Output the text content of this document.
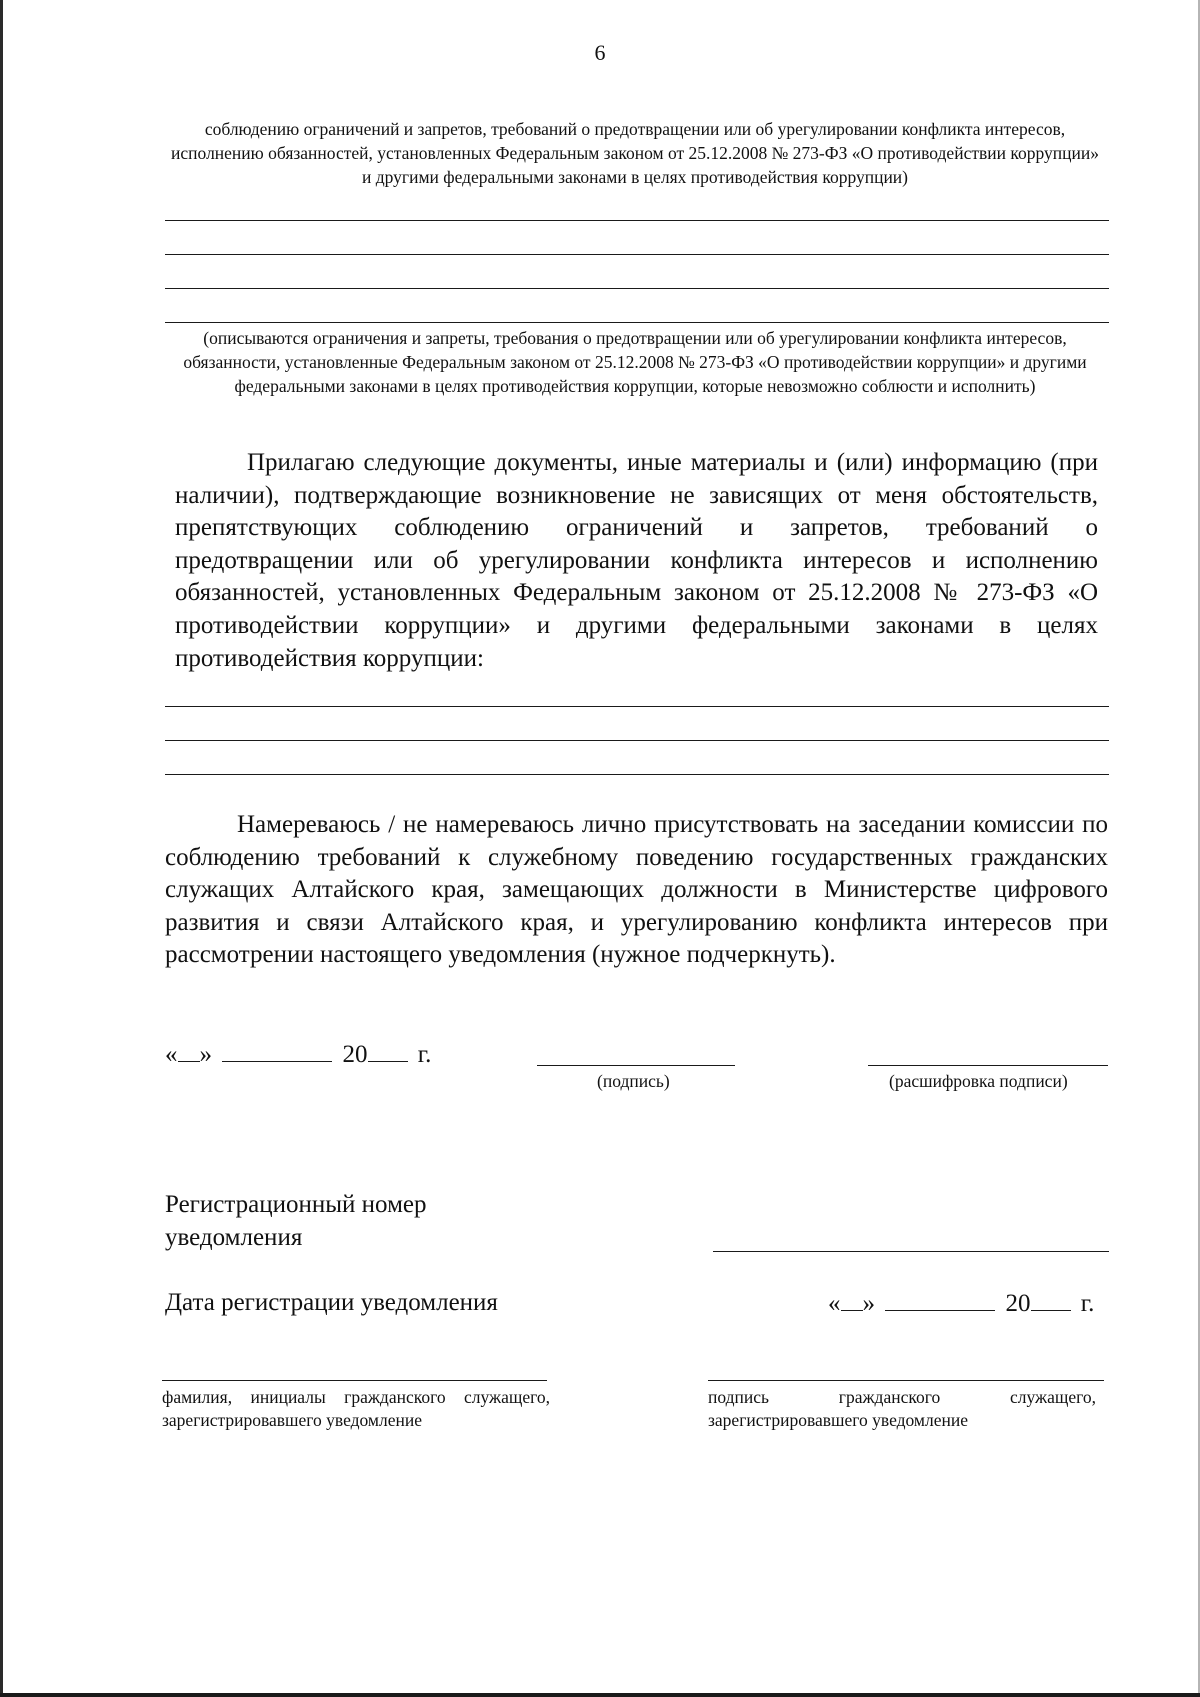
6

соблюдению ограничений и запретов, требований о предотвращении или об урегулировании конфликта интересов, исполнению обязанностей, установленных Федеральным законом от 25.12.2008 № 273-ФЗ «О противодействии коррупции» и другими федеральными законами в целях противодействия коррупции)

(описываются ограничения и запреты, требования о предотвращении или об урегулировании конфликта интересов, обязанности, установленные Федеральным законом от 25.12.2008 № 273-ФЗ «О противодействии коррупции» и другими федеральными законами в целях противодействия коррупции, которые невозможно соблюсти и исполнить)

Прилагаю следующие документы, иные материалы и (или) информацию (при наличии), подтверждающие возникновение не зависящих от меня обстоятельств, препятствующих соблюдению ограничений и запретов, требований о предотвращении или об урегулировании конфликта интересов и исполнению обязанностей, установленных Федеральным законом от 25.12.2008 № 273-ФЗ «О противодействии коррупции» и другими федеральными законами в целях противодействия коррупции:

Намереваюсь / не намереваюсь лично присутствовать на заседании комиссии по соблюдению требований к служебному поведению государственных гражданских служащих Алтайского края, замещающих должности в Министерстве цифрового развития и связи Алтайского края, и урегулированию конфликта интересов при рассмотрении настоящего уведомления (нужное подчеркнуть).

« »	20 г.
(подпись)	(расшифровка подписи)
Регистрационный номер
уведомления
Дата регистрации уведомления	« »	20 г.

фамилия, инициалы гражданского служащего, зарегистрировавшего уведомление

подпись гражданского служащего, зарегистрировавшего уведомление
